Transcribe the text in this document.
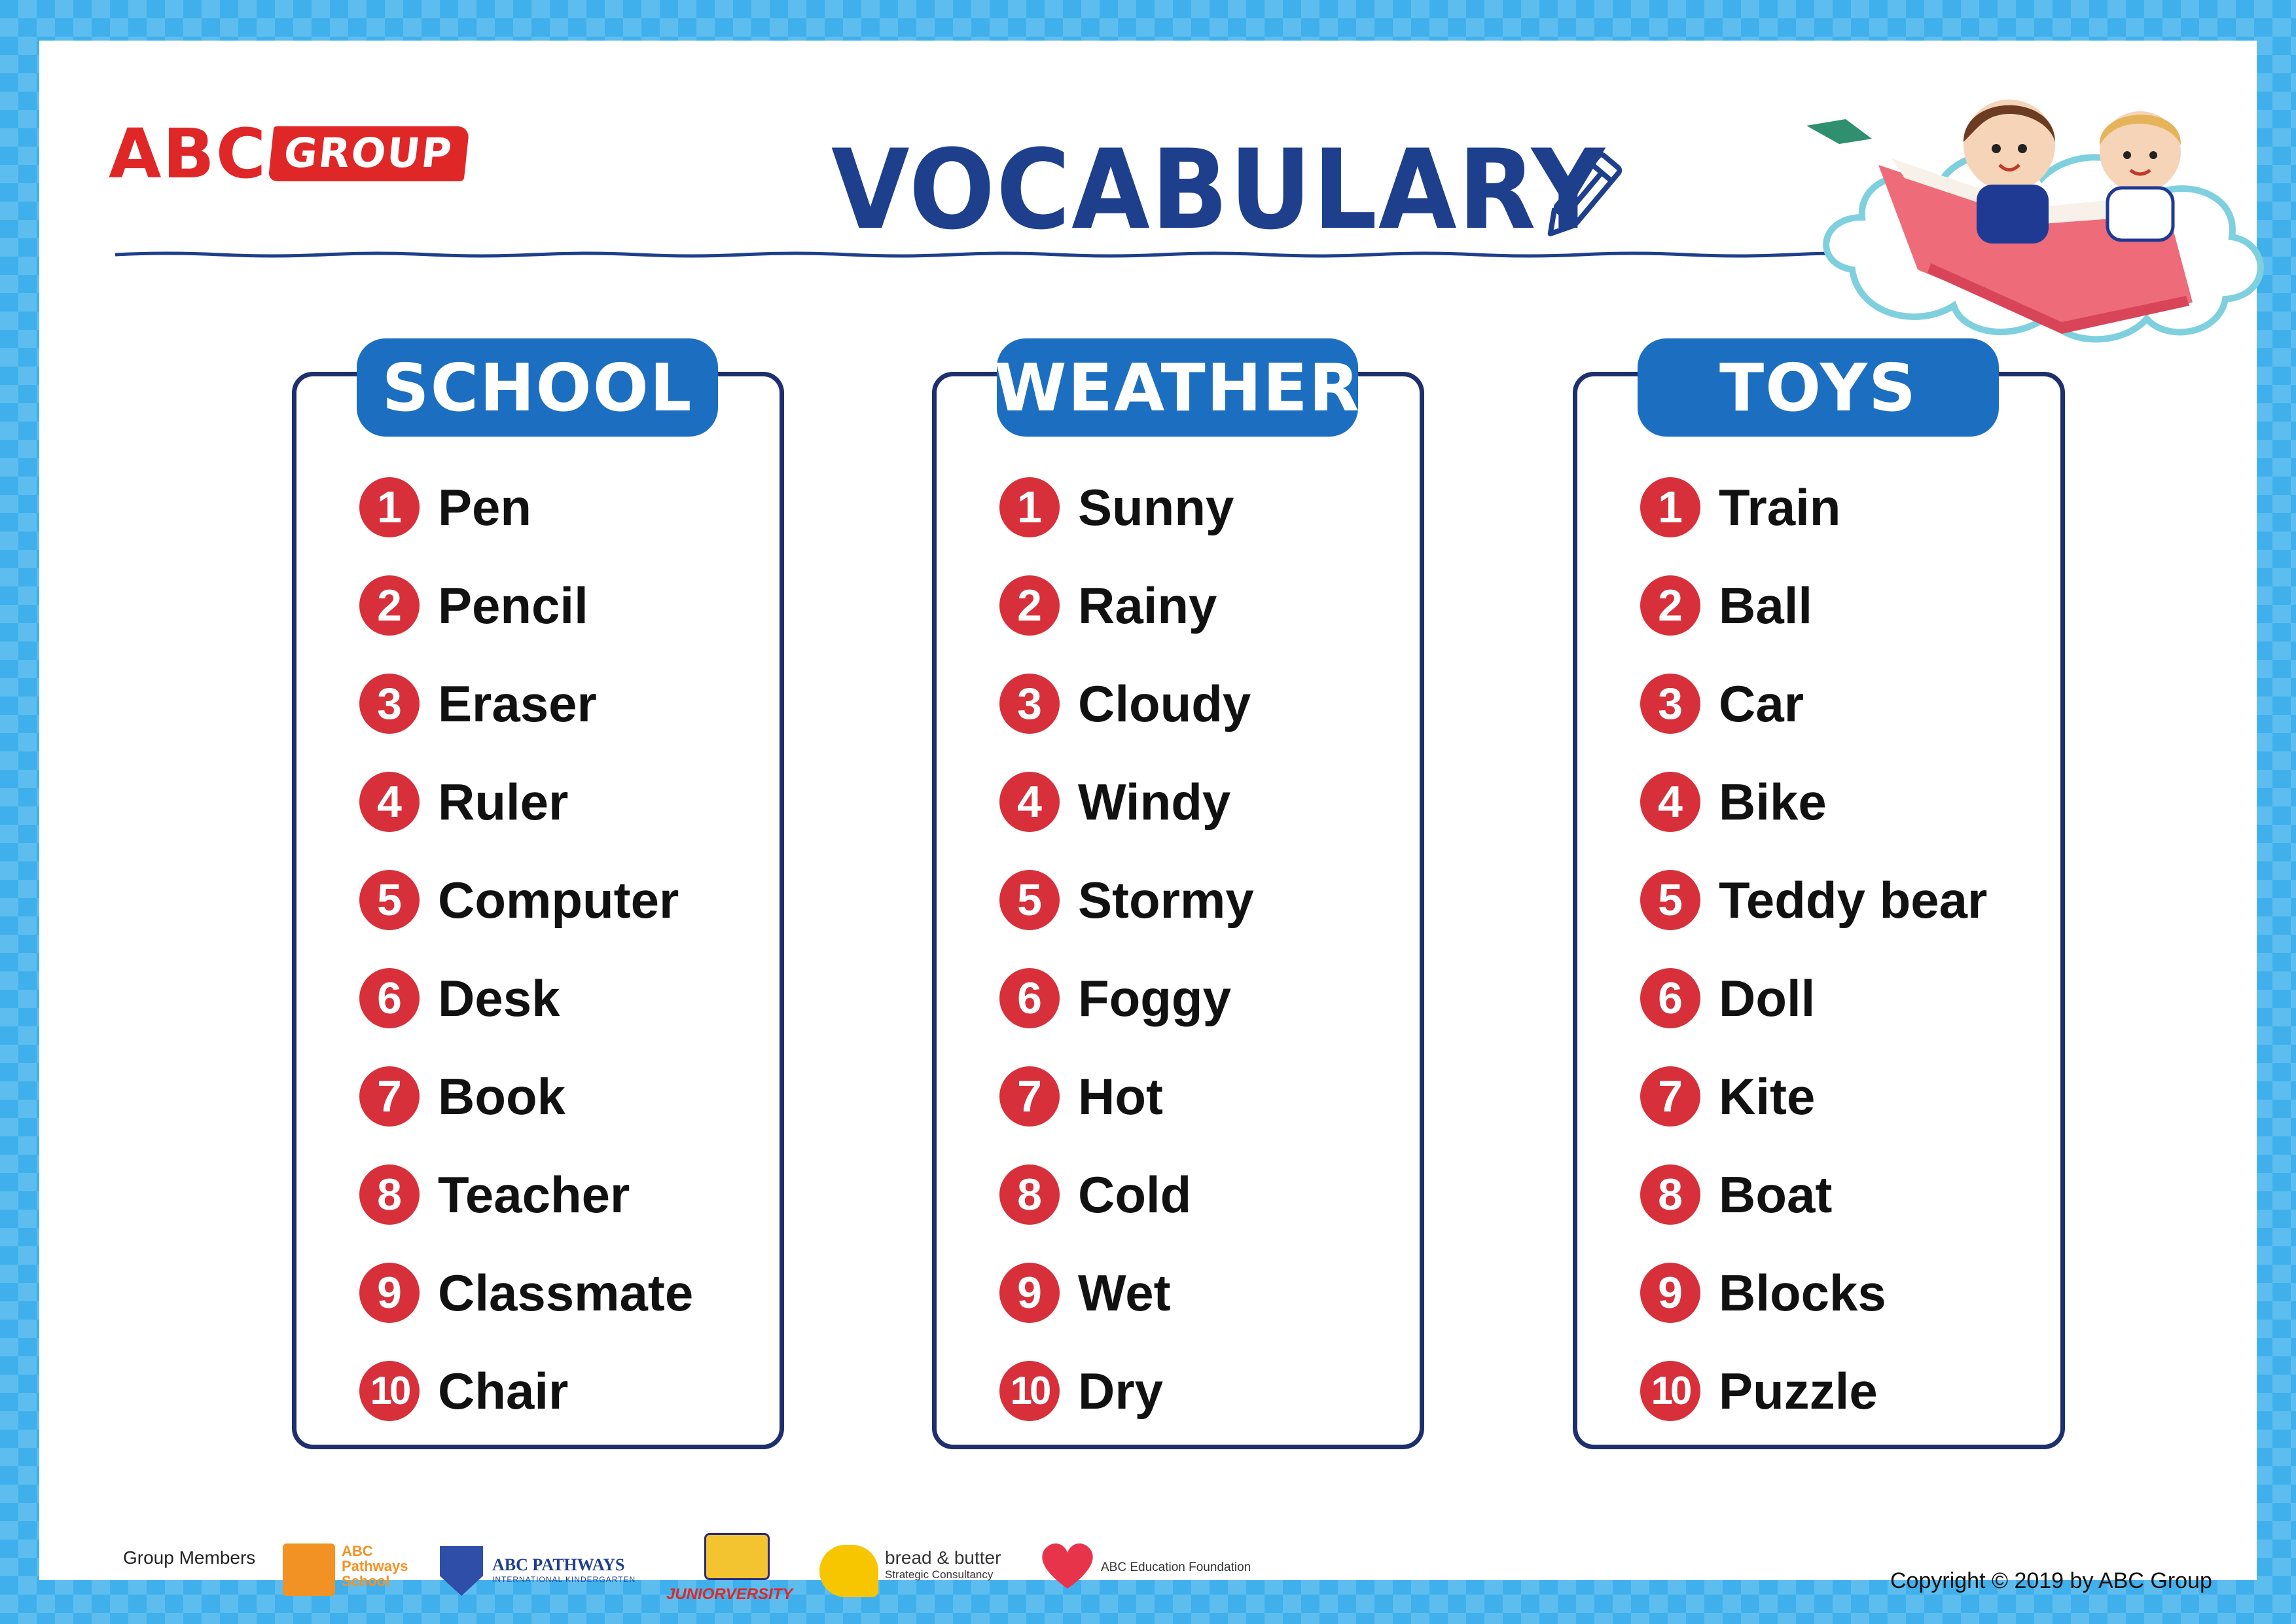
ABC GROUP	VOCABULARY
SCHOOL
1 Pen
2 Pencil
3 Eraser
4 Ruler
5 Computer
6 Desk
7 Book
8 Teacher
9 Classmate
10 Chair
WEATHER
1 Sunny
2 Rainy
3 Cloudy
4 Windy
5 Stormy
6 Foggy
7 Hot
8 Cold
9 Wet
10 Dry
TOYS
1 Train
2 Ball
3 Car
4 Bike
5 Teddy bear
6 Doll
7 Kite
8 Boat
9 Blocks
10 Puzzle
Group Members	ABC
Pathways
School
ABC PATHWAYS
INTERNATIONAL KINDERGARTEN
JUNIORVERSITY
bread & butter
Strategic Consultancy
ABC Education Foundation
Copyright © 2019 by ABC Group
